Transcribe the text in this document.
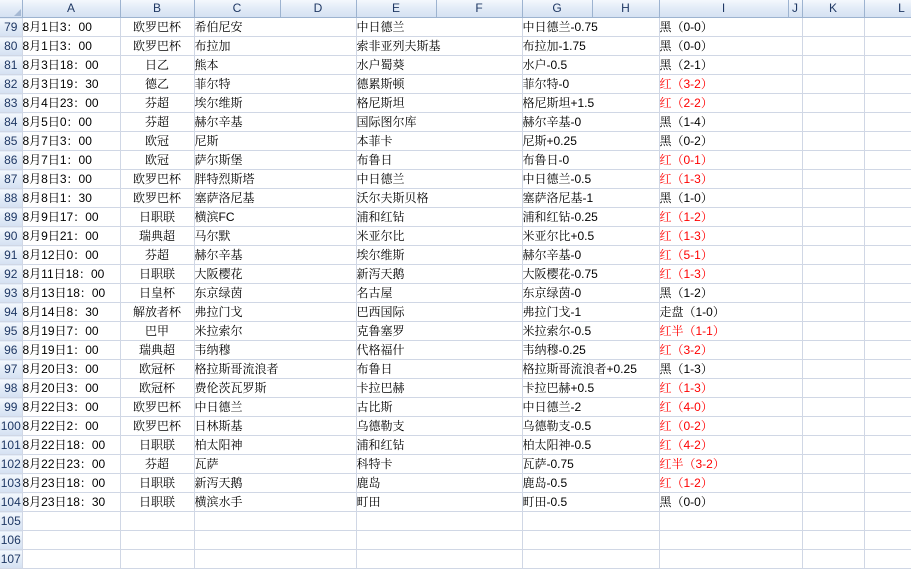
	A	B	C	D	E	F	G	H	I	J	K	L
79	8月1日3：00	欧罗巴杯	希伯尼安		中日德兰		中日德兰-0.75		黑（0-0）			
80	8月1日3：00	欧罗巴杯	布拉加		索非亚列夫斯基		布拉加-1.75		黑（0-0）			
81	8月3日18：00	日乙	熊本		水户蜀葵		水户-0.5		黑（2-1）			
82	8月3日19：30	德乙	菲尔特		德累斯顿		菲尔特-0		红（3-2）			
83	8月4日23：00	芬超	埃尔维斯		格尼斯坦		格尼斯坦+1.5		红（2-2）			
84	8月5日0：00	芬超	赫尔辛基		国际图尔库		赫尔辛基-0		黑（1-4）			
85	8月7日3：00	欧冠	尼斯		本菲卡		尼斯+0.25		黑（0-2）			
86	8月7日1：00	欧冠	萨尔斯堡		布鲁日		布鲁日-0		红（0-1）			
87	8月8日3：00	欧罗巴杯	胖特烈斯塔		中日德兰		中日德兰-0.5		红（1-3）			
88	8月8日1：30	欧罗巴杯	塞萨洛尼基		沃尔夫斯贝格		塞萨洛尼基-1		黑（1-0）			
89	8月9日17：00	日职联	横滨FC		浦和红钻		浦和红钻-0.25		红（1-2）			
90	8月9日21：00	瑞典超	马尔默		米亚尔比		米亚尔比+0.5		红（1-3）			
91	8月12日0：00	芬超	赫尔辛基		埃尔维斯		赫尔辛基-0		红（5-1）			
92	8月11日18：00	日职联	大阪樱花		新泻天鹅		大阪樱花-0.75		红（1-3）			
93	8月13日18：00	日皇杯	东京绿茵		名古屋		东京绿茵-0		黑（1-2）			
94	8月14日8：30	解放者杯	弗拉门戈		巴西国际		弗拉门戈-1		走盘（1-0）			
95	8月19日7：00	巴甲	米拉索尔		克鲁塞罗		米拉索尔-0.5		红半（1-1）			
96	8月19日1：00	瑞典超	韦纳穆		代格福什		韦纳穆-0.25		红（3-2）			
97	8月20日3：00	欧冠杯	格拉斯哥流浪者		布鲁日		格拉斯哥流浪者+0.25		黑（1-3）			
98	8月20日3：00	欧冠杯	费伦茨瓦罗斯		卡拉巴赫		卡拉巴赫+0.5		红（1-3）			
99	8月22日3：00	欧罗巴杯	中日德兰		古比斯		中日德兰-2		红（4-0）			
100	8月22日2：00	欧罗巴杯	日林斯基		乌德勒支		乌德勒支-0.5		红（0-2）			
101	8月22日18：00	日职联	柏太阳神		浦和红钻		柏太阳神-0.5		红（4-2）			
102	8月22日23：00	芬超	瓦萨		科特卡		瓦萨-0.75		红半（3-2）			
103	8月23日18：00	日职联	新泻天鹅		鹿岛		鹿岛-0.5		红（1-2）			
104	8月23日18：30	日职联	横滨水手		町田		町田-0.5		黑（0-0）			
105												
106												
107												
